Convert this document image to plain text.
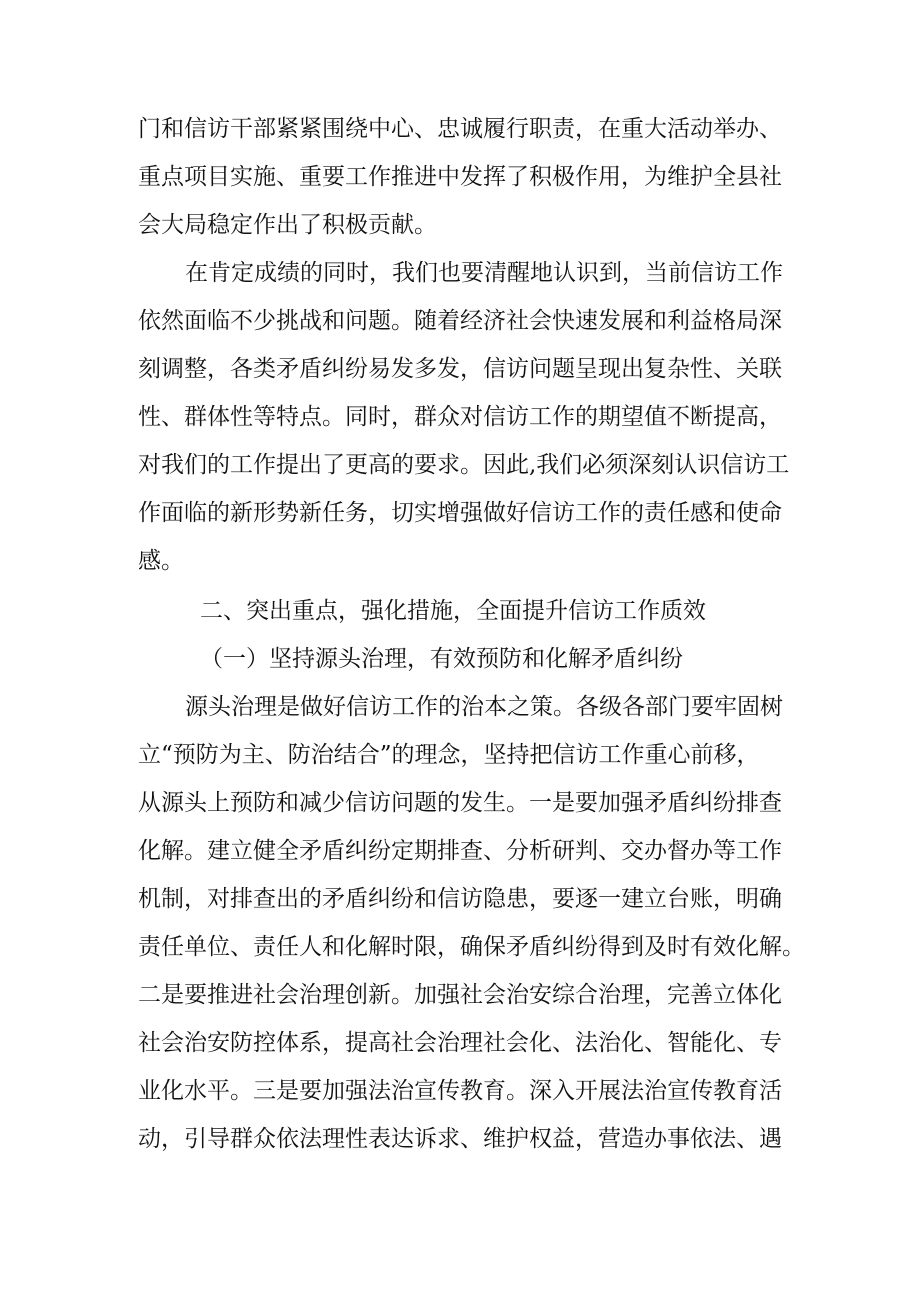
门和信访干部紧紧围绕中心、忠诚履行职责，在重大活动举办、
重点项目实施、重要工作推进中发挥了积极作用，为维护全县社
会大局稳定作出了积极贡献。
在肯定成绩的同时，我们也要清醒地认识到，当前信访工作
依然面临不少挑战和问题。随着经济社会快速发展和利益格局深
刻调整，各类矛盾纠纷易发多发，信访问题呈现出复杂性、关联
性、群体性等特点。同时，群众对信访工作的期望值不断提高，
对我们的工作提出了更高的要求。因此,我们必须深刻认识信访工
作面临的新形势新任务，切实增强做好信访工作的责任感和使命
感。
二、突出重点，强化措施，全面提升信访工作质效
（一）坚持源头治理，有效预防和化解矛盾纠纷
源头治理是做好信访工作的治本之策。各级各部门要牢固树
立“预防为主、防治结合”的理念，坚持把信访工作重心前移，
从源头上预防和减少信访问题的发生。一是要加强矛盾纠纷排查
化解。建立健全矛盾纠纷定期排查、分析研判、交办督办等工作
机制，对排查出的矛盾纠纷和信访隐患，要逐一建立台账，明确
责任单位、责任人和化解时限，确保矛盾纠纷得到及时有效化解。
二是要推进社会治理创新。加强社会治安综合治理，完善立体化
社会治安防控体系，提高社会治理社会化、法治化、智能化、专
业化水平。三是要加强法治宣传教育。深入开展法治宣传教育活
动，引导群众依法理性表达诉求、维护权益，营造办事依法、遇
